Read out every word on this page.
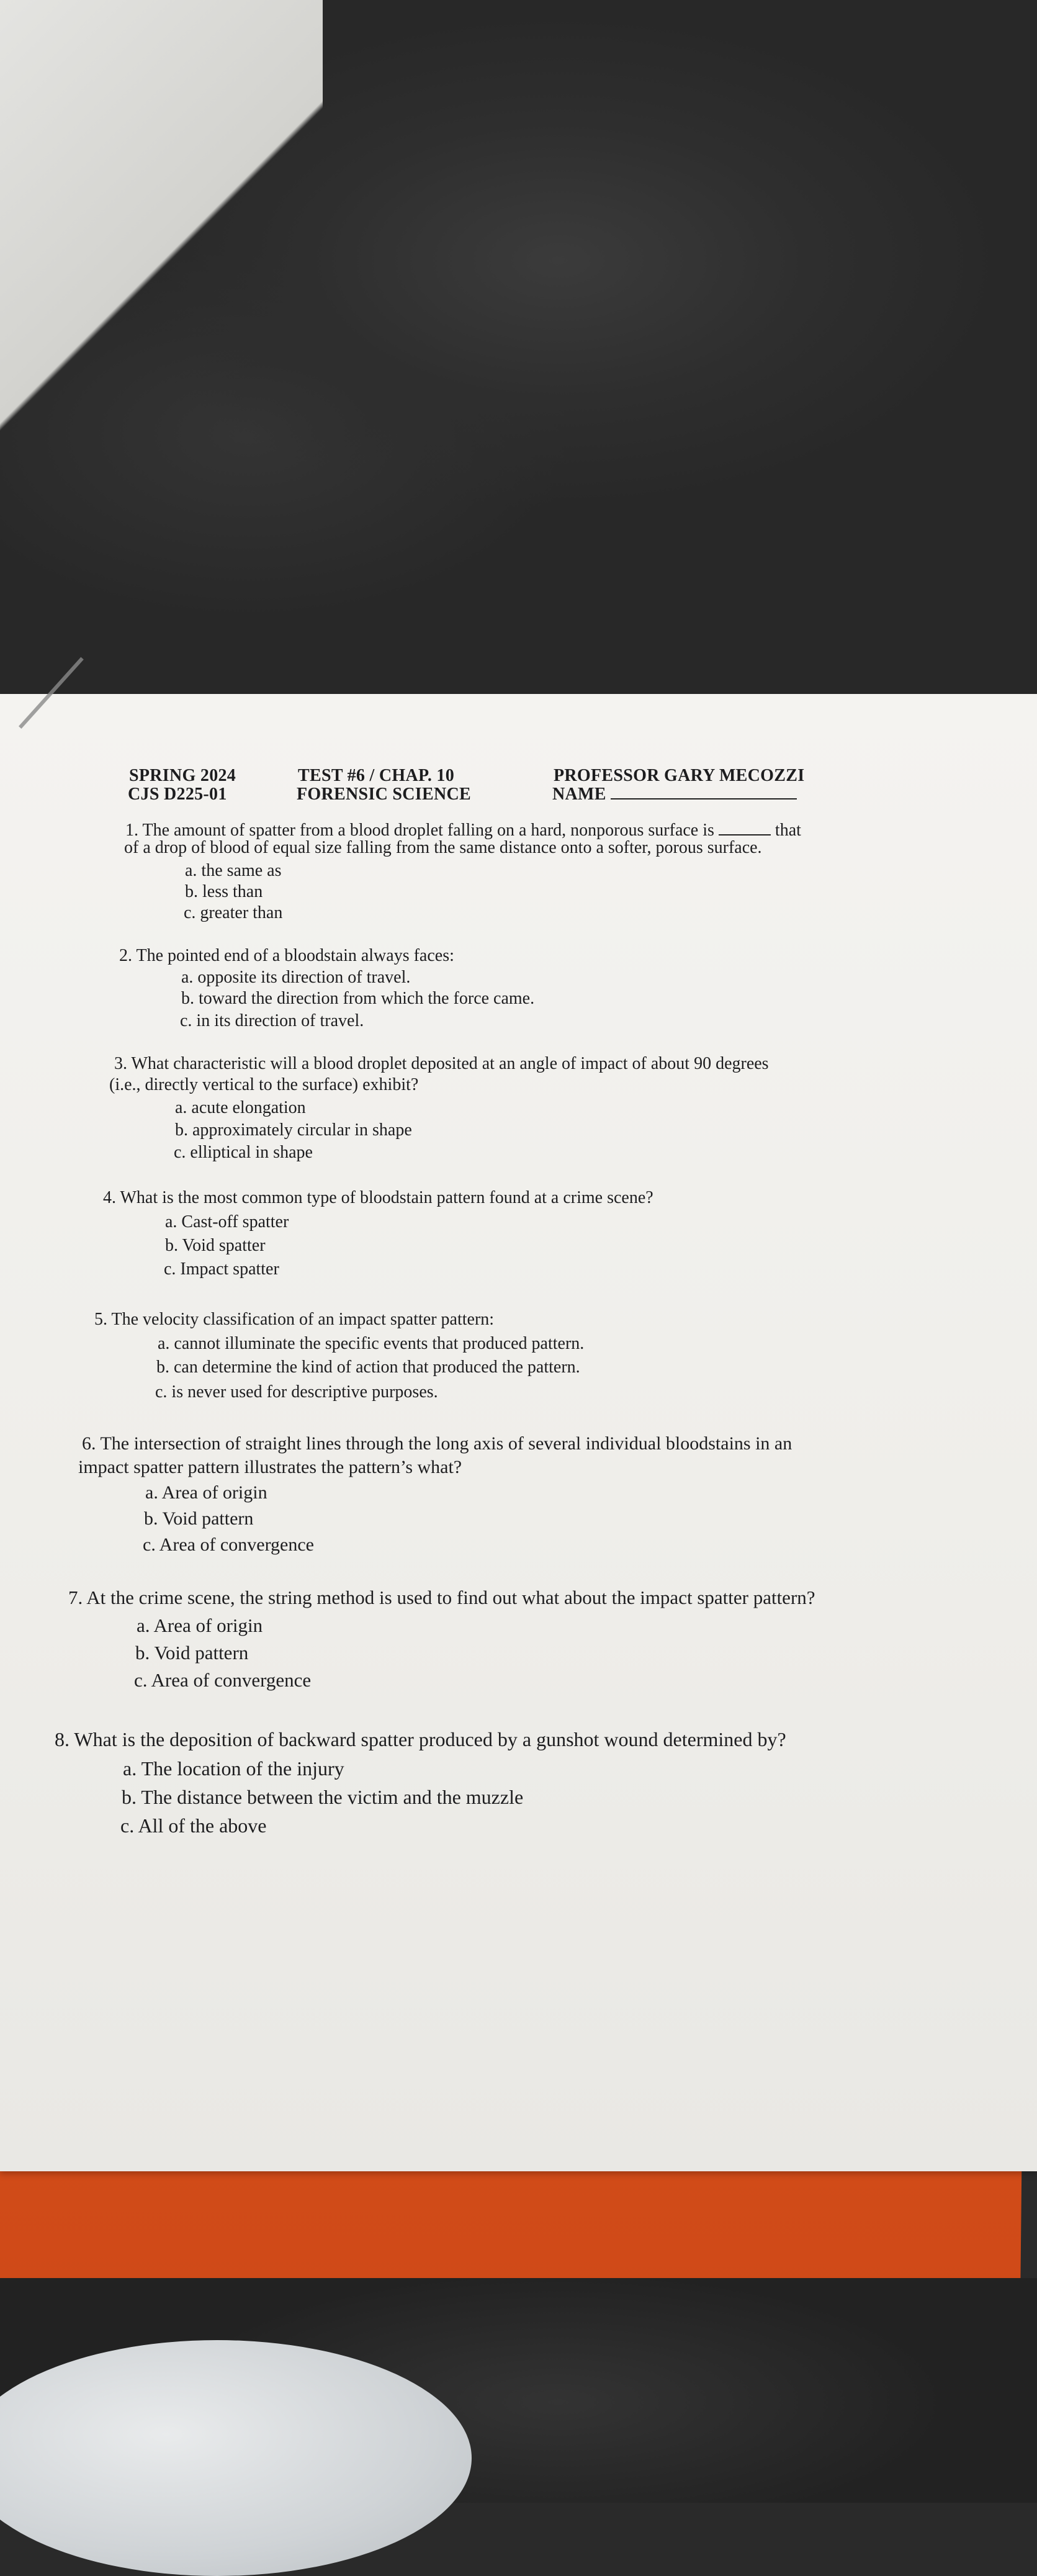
SPRING 2024
CJS D225-01
TEST #6 / CHAP. 10
FORENSIC SCIENCE
PROFESSOR GARY MECOZZI
NAME
1. The amount of spatter from a blood droplet falling on a hard, nonporous surface is	that
of a drop of blood of equal size falling from the same distance onto a softer, porous surface.
a. the same as
b. less than
c. greater than
2. The pointed end of a bloodstain always faces:
a. opposite its direction of travel.
b. toward the direction from which the force came.
c. in its direction of travel.
3. What characteristic will a blood droplet deposited at an angle of impact of about 90 degrees
(i.e., directly vertical to the surface) exhibit?
a. acute elongation
b. approximately circular in shape
c. elliptical in shape
4. What is the most common type of bloodstain pattern found at a crime scene?
a. Cast-off spatter
b. Void spatter
c. Impact spatter
5. The velocity classification of an impact spatter pattern:
a. cannot illuminate the specific events that produced pattern.
b. can determine the kind of action that produced the pattern.
c. is never used for descriptive purposes.
6. The intersection of straight lines through the long axis of several individual bloodstains in an
impact spatter pattern illustrates the pattern’s what?
a. Area of origin
b. Void pattern
c. Area of convergence
7. At the crime scene, the string method is used to find out what about the impact spatter pattern?
a. Area of origin
b. Void pattern
c. Area of convergence
8. What is the deposition of backward spatter produced by a gunshot wound determined by?
a. The location of the injury
b. The distance between the victim and the muzzle
c. All of the above
